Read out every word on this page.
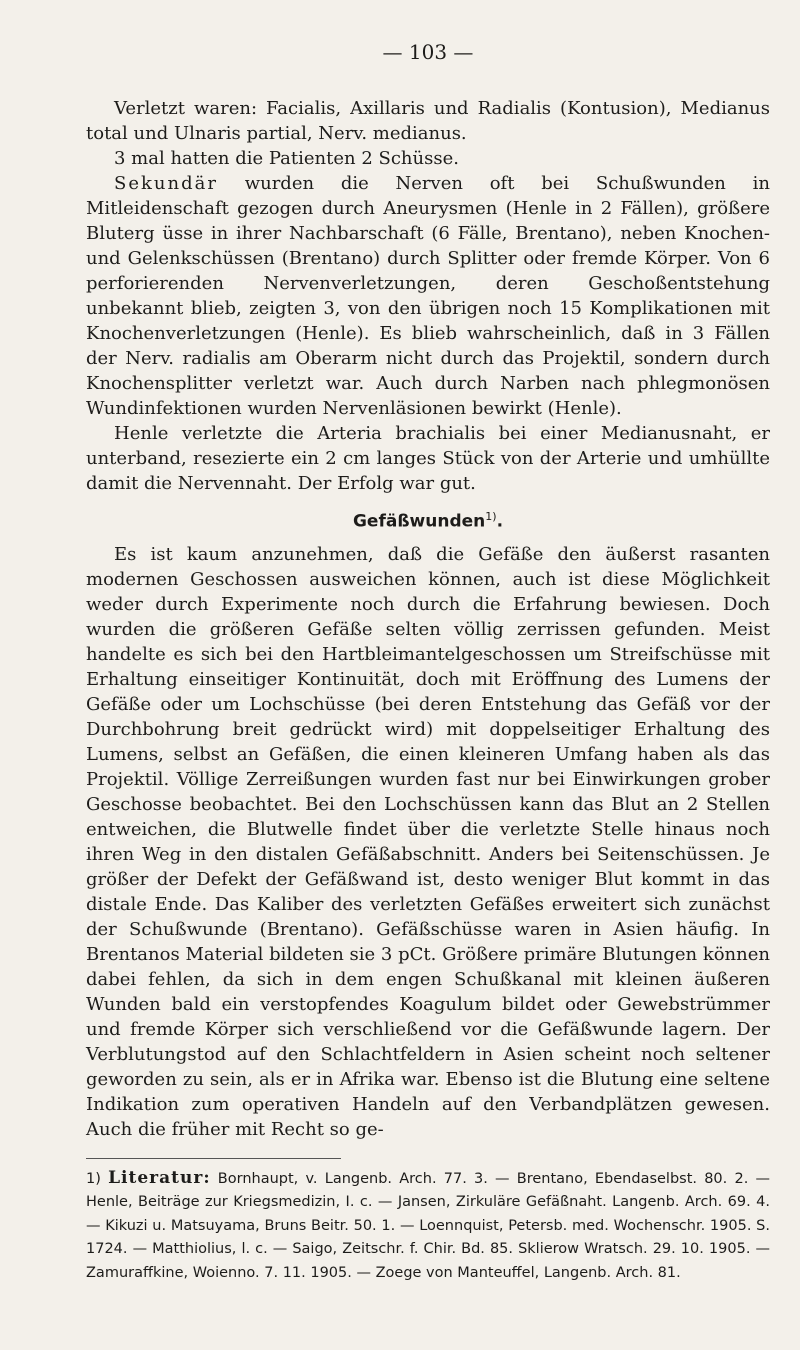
— 103 —

Verletzt waren: Facialis, Axillaris und Radialis (Kontusion), Medianus total und Ulnaris partial, Nerv. medianus.

3 mal hatten die Patienten 2 Schüsse.

Sekundär wurden die Nerven oft bei Schußwunden in Mitleidenschaft gezogen durch Aneurysmen (Henle in 2 Fällen), größere Bluterg üsse in ihrer Nachbarschaft (6 Fälle, Brentano), neben Knochen- und Gelenkschüssen (Brentano) durch Splitter oder fremde Körper. Von 6 perforierenden Nervenverletzungen, deren Geschoßentstehung unbekannt blieb, zeigten 3, von den übrigen noch 15 Komplikationen mit Knochenverletzungen (Henle). Es blieb wahrscheinlich, daß in 3 Fällen der Nerv. radialis am Oberarm nicht durch das Projektil, sondern durch Knochensplitter verletzt war. Auch durch Narben nach phlegmonösen Wundinfektionen wurden Nervenläsionen bewirkt (Henle).

Henle verletzte die Arteria brachialis bei einer Medianusnaht, er unterband, resezierte ein 2 cm langes Stück von der Arterie und umhüllte damit die Nervennaht. Der Erfolg war gut.

Gefäßwunden$^{1)}$.

Es ist kaum anzunehmen, daß die Gefäße den äußerst rasanten modernen Geschossen ausweichen können, auch ist diese Möglichkeit weder durch Experimente noch durch die Erfahrung bewiesen. Doch wurden die größeren Gefäße selten völlig zerrissen gefunden. Meist handelte es sich bei den Hartbleimantelgeschossen um Streifschüsse mit Erhaltung einseitiger Kontinuität, doch mit Eröffnung des Lumens der Gefäße oder um Lochschüsse (bei deren Entstehung das Gefäß vor der Durchbohrung breit gedrückt wird) mit doppelseitiger Erhaltung des Lumens, selbst an Gefäßen, die einen kleineren Umfang haben als das Projektil. Völlige Zerreißungen wurden fast nur bei Einwirkungen grober Geschosse beobachtet. Bei den Lochschüssen kann das Blut an 2 Stellen entweichen, die Blutwelle findet über die verletzte Stelle hinaus noch ihren Weg in den distalen Gefäßabschnitt. Anders bei Seitenschüssen. Je größer der Defekt der Gefäßwand ist, desto weniger Blut kommt in das distale Ende. Das Kaliber des verletzten Gefäßes erweitert sich zunächst der Schußwunde (Brentano). Gefäßschüsse waren in Asien häufig. In Brentanos Material bildeten sie 3 pCt. Größere primäre Blutungen können dabei fehlen, da sich in dem engen Schußkanal mit kleinen äußeren Wunden bald ein verstopfendes Koagulum bildet oder Gewebstrümmer und fremde Körper sich verschließend vor die Gefäßwunde lagern. Der Verblutungstod auf den Schlachtfeldern in Asien scheint noch seltener geworden zu sein, als er in Afrika war. Ebenso ist die Blutung eine seltene Indikation zum operativen Handeln auf den Verbandplätzen gewesen. Auch die früher mit Recht so ge-

1) Literatur: Bornhaupt, v. Langenb. Arch. 77. 3. — Brentano, Ebendaselbst. 80. 2. — Henle, Beiträge zur Kriegsmedizin, I. c. — Jansen, Zirkuläre Gefäßnaht. Langenb. Arch. 69. 4. — Kikuzi u. Matsuyama, Bruns Beitr. 50. 1. — Loennquist, Petersb. med. Wochenschr. 1905. S. 1724. — Matthiolius, l. c. — Saigo, Zeitschr. f. Chir. Bd. 85. Sklierow Wratsch. 29. 10. 1905. — Zamuraffkine, Woienno. 7. 11. 1905. — Zoege von Manteuffel, Langenb. Arch. 81.
